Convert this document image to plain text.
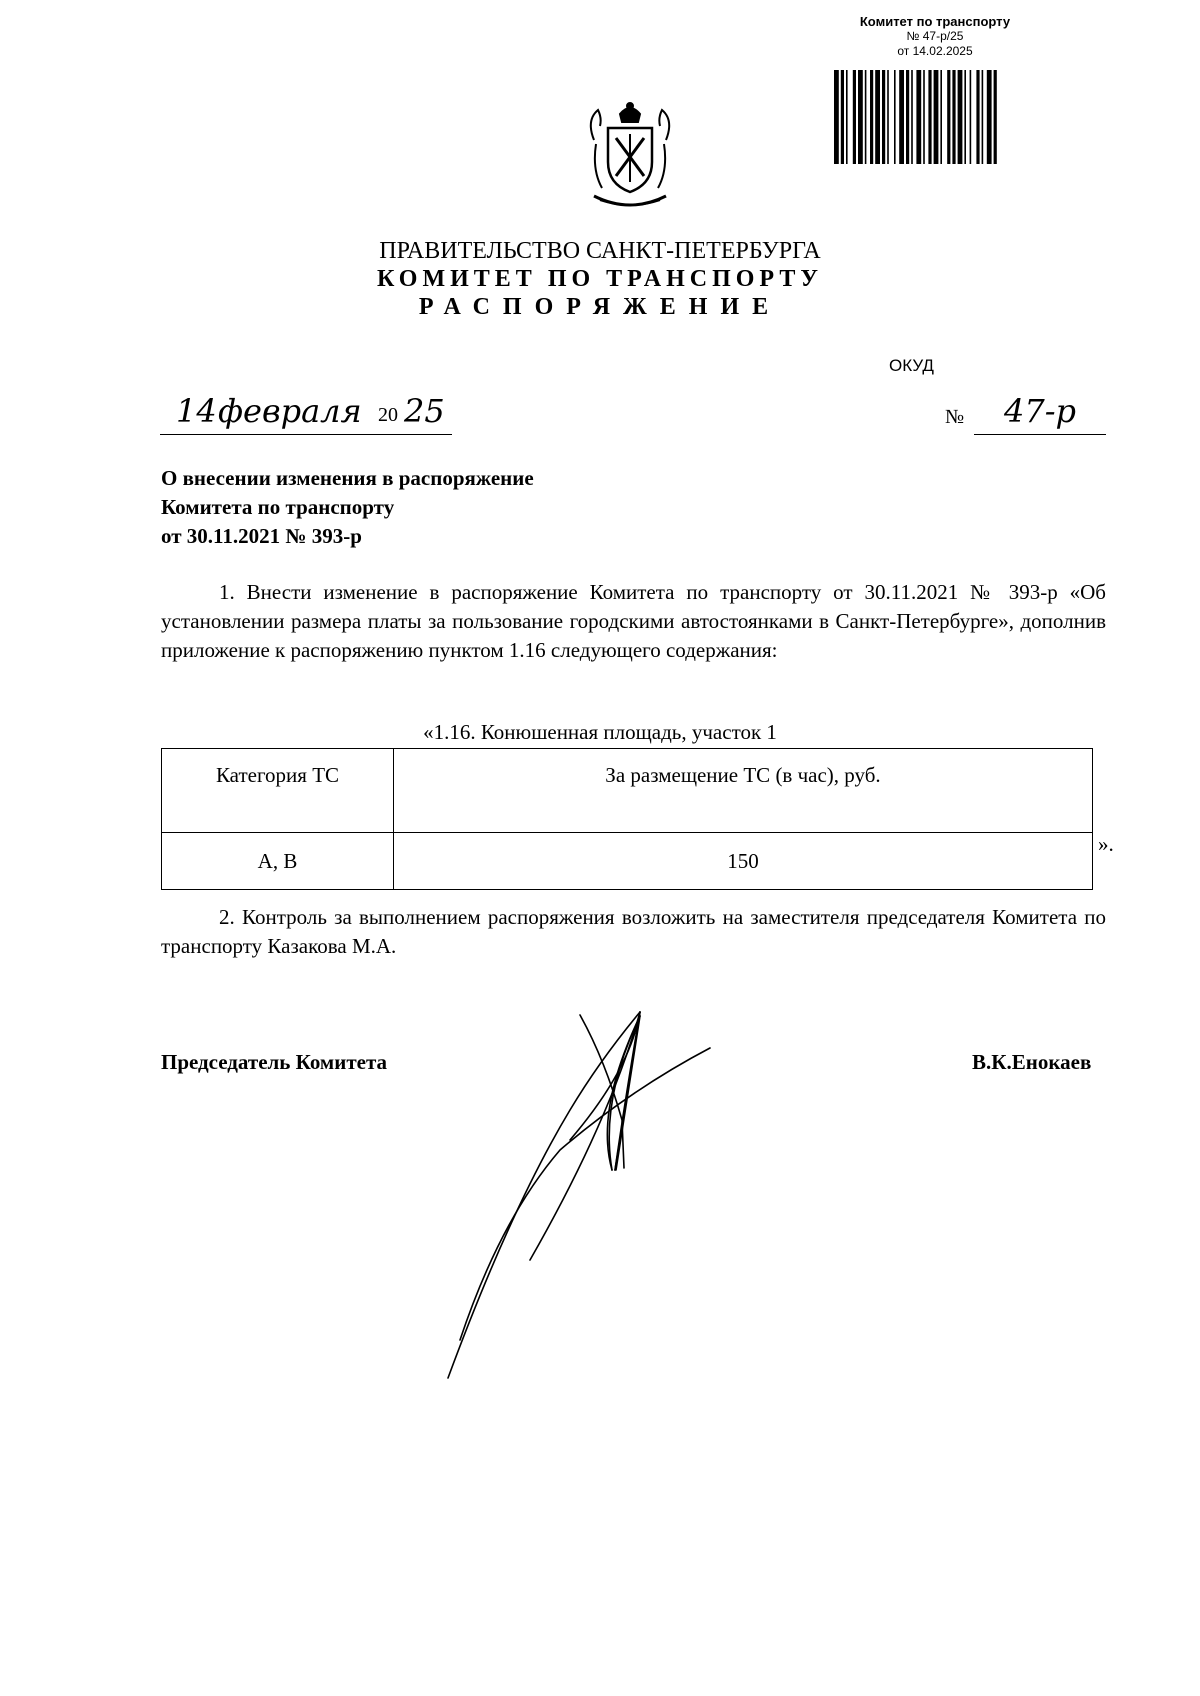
Комитет по транспорту
№ 47-р/25
от 14.02.2025
ПРАВИТЕЛЬСТВО САНКТ-ПЕТЕРБУРГА
КОМИТЕТ ПО ТРАНСПОРТУ
РАСПОРЯЖЕНИЕ
ОКУД
14 февраля 20 25	№ 47-р
О внесении изменения в распоряжение
Комитета по транспорту
от 30.11.2021 № 393-р
1. Внести изменение в распоряжение Комитета по транспорту от 30.11.2021 № 393-р «Об установлении размера платы за пользование городскими автостоянками в Санкт-Петербурге», дополнив приложение к распоряжению пунктом 1.16 следующего содержания:
«1.16. Конюшенная площадь, участок 1
Категория ТС	За размещение ТС (в час), руб.
A, B	150
».
2. Контроль за выполнением распоряжения возложить на заместителя председателя Комитета по транспорту Казакова М.А.
Председатель Комитета	В.К.Енокаев
